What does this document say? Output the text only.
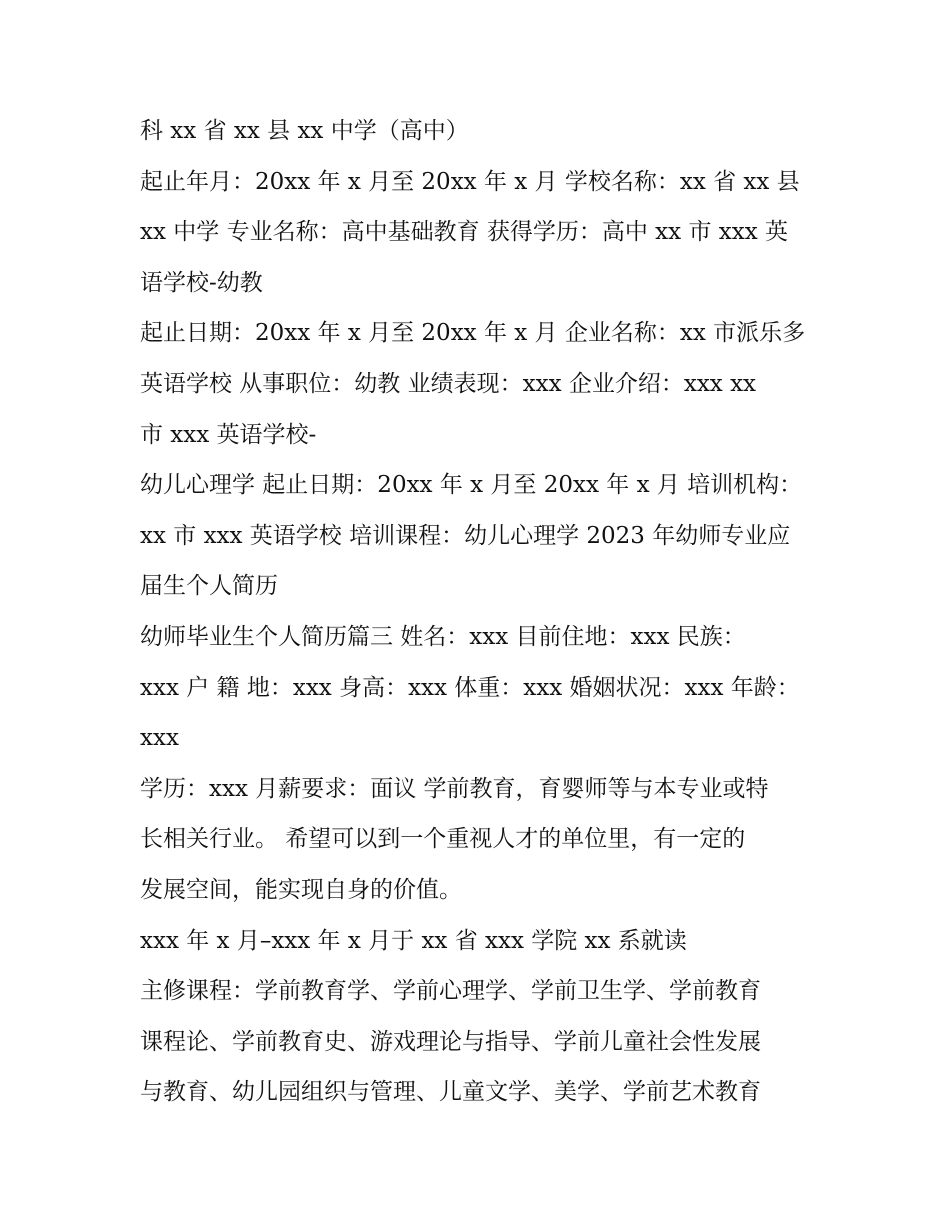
科 xx 省 xx 县 xx 中学（高中）
起止年月：20xx 年 x 月至 20xx 年 x 月 学校名称：xx 省 xx 县
xx 中学 专业名称：高中基础教育 获得学历：高中 xx 市 xxx 英
语学校-幼教
起止日期：20xx 年 x 月至 20xx 年 x 月 企业名称：xx 市派乐多
英语学校 从事职位：幼教 业绩表现：xxx 企业介绍：xxx xx
市 xxx 英语学校-
幼儿心理学 起止日期：20xx 年 x 月至 20xx 年 x 月 培训机构：
xx 市 xxx 英语学校 培训课程：幼儿心理学 2023 年幼师专业应
届生个人简历
幼师毕业生个人简历篇三 姓名：xxx 目前住地：xxx 民族：
xxx 户 籍 地：xxx 身高：xxx 体重：xxx 婚姻状况：xxx 年龄：
xxx
学历：xxx 月薪要求：面议 学前教育，育婴师等与本专业或特
长相关行业。 希望可以到一个重视人才的单位里，有一定的
发展空间，能实现自身的价值。
xxx 年 x 月–xxx 年 x 月于 xx 省 xxx 学院 xx 系就读
主修课程：学前教育学、学前心理学、学前卫生学、学前教育
课程论、学前教育史、游戏理论与指导、学前儿童社会性发展
与教育、幼儿园组织与管理、儿童文学、美学、学前艺术教育
